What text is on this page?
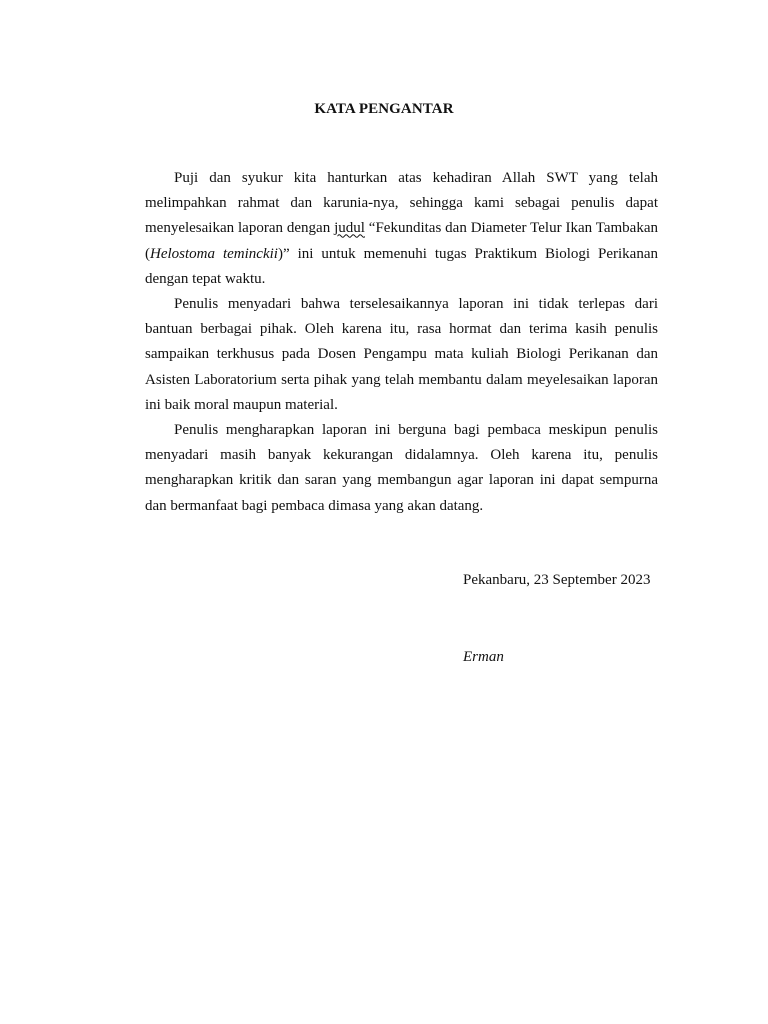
KATA PENGANTAR

Puji dan syukur kita hanturkan atas kehadiran Allah SWT yang telah melimpahkan rahmat dan karunia-nya, sehingga kami sebagai penulis dapat menyelesaikan laporan dengan judul “Fekunditas dan Diameter Telur Ikan Tambakan (Helostoma teminckii)” ini untuk memenuhi tugas Praktikum Biologi Perikanan dengan tepat waktu.

Penulis menyadari bahwa terselesaikannya laporan ini tidak terlepas dari bantuan berbagai pihak. Oleh karena itu, rasa hormat dan terima kasih penulis sampaikan terkhusus pada Dosen Pengampu mata kuliah Biologi Perikanan dan Asisten Laboratorium serta pihak yang telah membantu dalam meyelesaikan laporan ini baik moral maupun material.

Penulis mengharapkan laporan ini berguna bagi pembaca meskipun penulis menyadari masih banyak kekurangan didalamnya. Oleh karena itu, penulis mengharapkan kritik dan saran yang membangun agar laporan ini dapat sempurna dan bermanfaat bagi pembaca dimasa yang akan datang.

Pekanbaru, 23 September 2023
Erman
